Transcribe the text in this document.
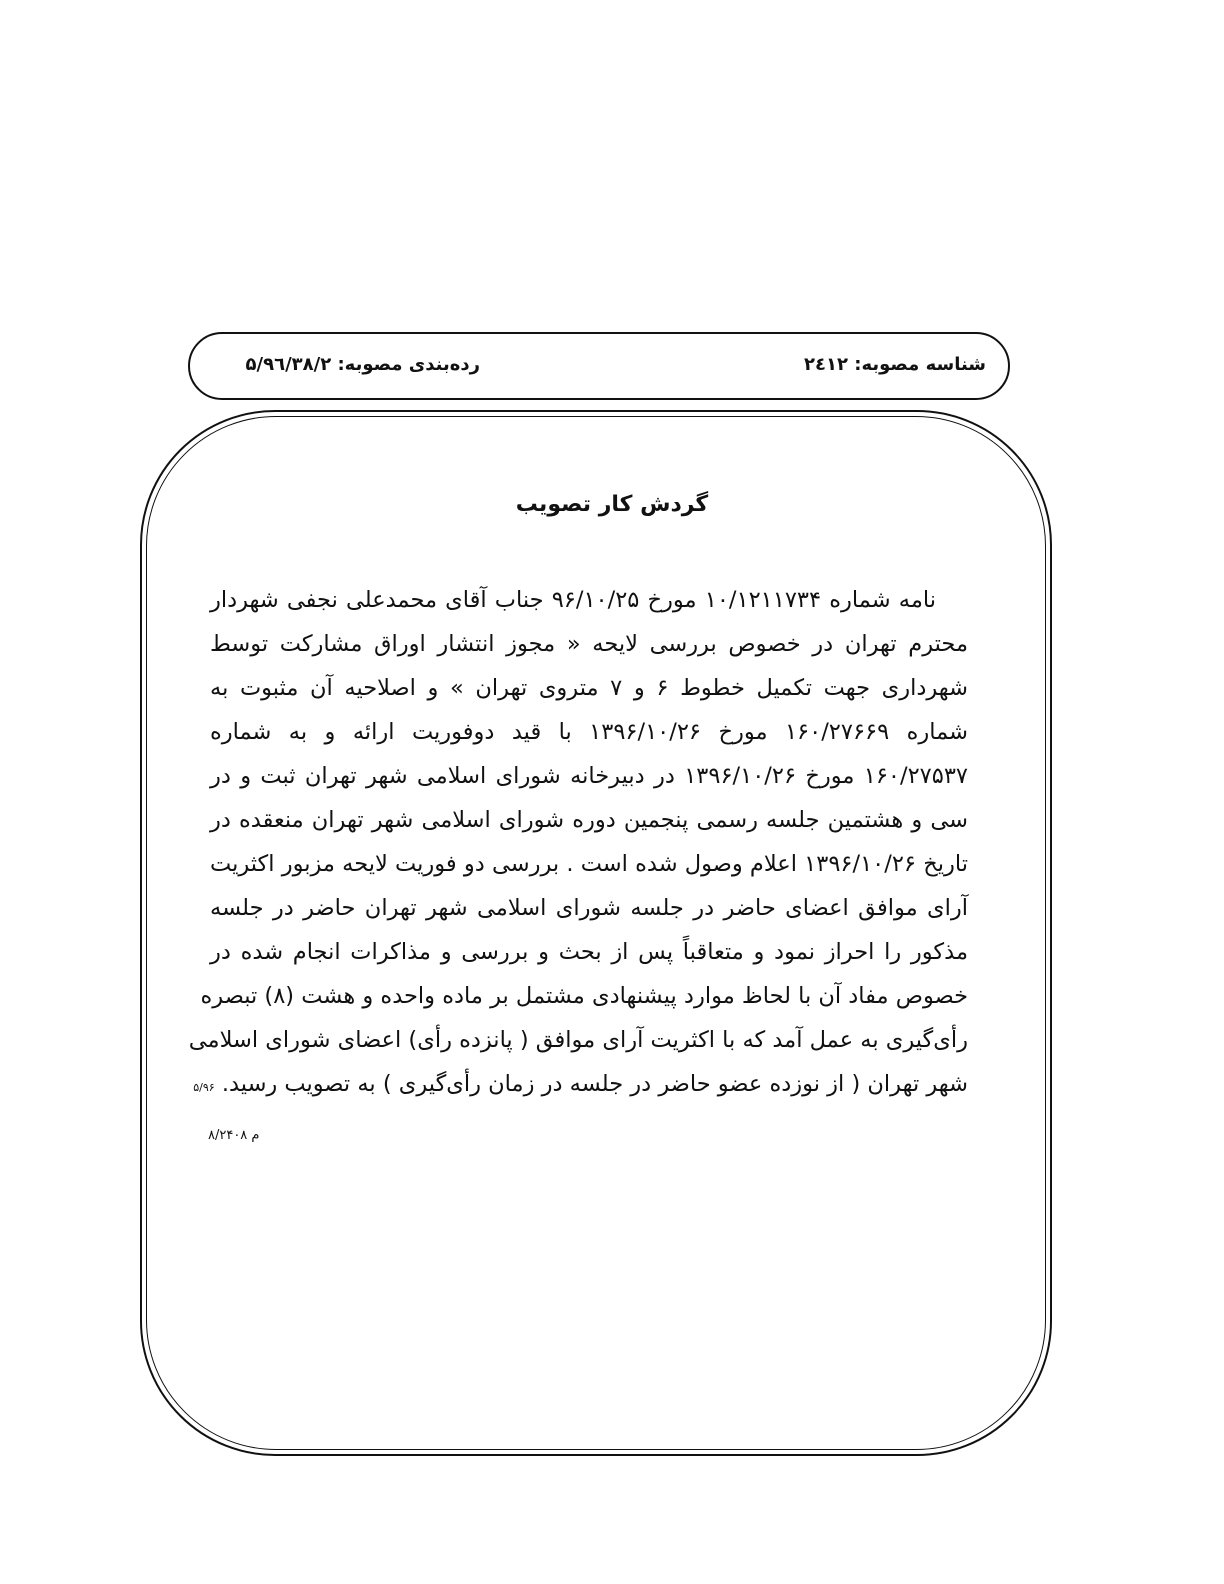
شناسه مصوبه: ۲٤۱۲
رده‌بندی مصوبه: ۵/۹٦/۳۸/۲
گردش کار تصویب
نامه شماره ۱۰/۱۲۱۱۷۳۴ مورخ ۹۶/۱۰/۲۵ جناب آقای محمدعلی نجفی شهردار
محترم تهران در خصوص بررسی لایحه « مجوز انتشار اوراق مشارکت توسط
شهرداری جهت تکمیل خطوط ۶ و ۷ متروی تهران » و اصلاحیه آن مثبوت به
شماره ۱۶۰/۲۷۶۶۹ مورخ ۱۳۹۶/۱۰/۲۶ با قید دوفوریت ارائه و به شماره
۱۶۰/۲۷۵۳۷ مورخ ۱۳۹۶/۱۰/۲۶ در دبیرخانه شورای اسلامی شهر تهران ثبت و در
سی و هشتمین جلسه رسمی پنجمین دوره شورای اسلامی شهر تهران منعقده در
تاریخ ۱۳۹۶/۱۰/۲۶ اعلام وصول شده است . بررسی دو فوریت لایحه مزبور اکثریت
آرای موافق اعضای حاضر در جلسه شورای اسلامی شهر تهران حاضر در جلسه
مذکور را احراز نمود و متعاقباً پس از بحث و بررسی و مذاکرات انجام شده در
خصوص مفاد آن با لحاظ موارد پیشنهادی مشتمل بر ماده واحده و هشت (۸) تبصره
رأی‌گیری به عمل آمد که با اکثریت آرای موافق ( پانزده رأی) اعضای شورای اسلامی
شهر تهران ( از نوزده عضو حاضر در جلسه در زمان رأی‌گیری ) به تصویب رسید. ۵/۹۶
م ۸/۲۴۰۸
